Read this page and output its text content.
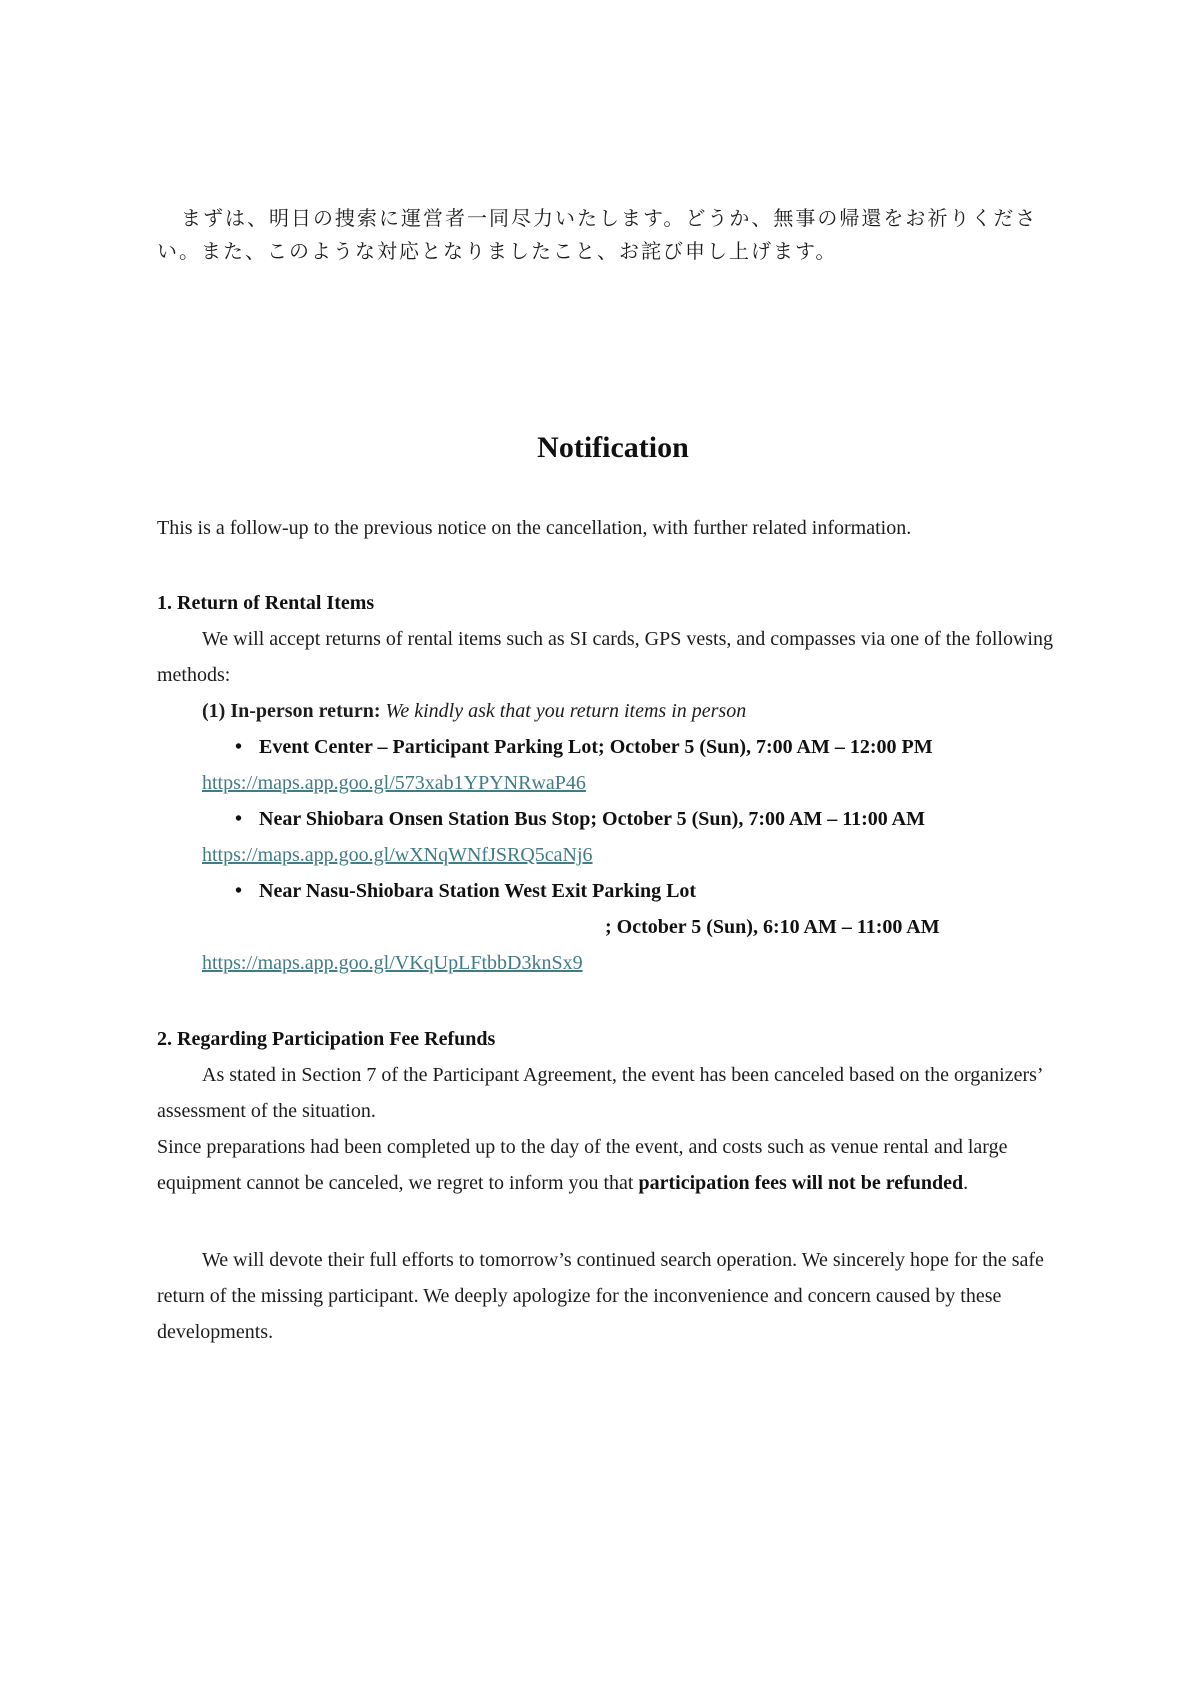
まずは、明日の捜索に運営者一同尽力いたします。どうか、無事の帰還をお祈りくださ
い。また、このような対応となりましたこと、お詫び申し上げます。
Notification

This is a follow-up to the previous notice on the cancellation, with further related information.

1. Return of Rental Items

We will accept returns of rental items such as SI cards, GPS vests, and compasses via one of the following methods:

(1) In-person return: We kindly ask that you return items in person

• Event Center – Participant Parking Lot; October 5 (Sun), 7:00 AM – 12:00 PM
https://maps.app.goo.gl/573xab1YPYNRwaP46
• Near Shiobara Onsen Station Bus Stop; October 5 (Sun), 7:00 AM – 11:00 AM
https://maps.app.goo.gl/wXNqWNfJSRQ5caNj6
• Near Nasu-Shiobara Station West Exit Parking Lot
; October 5 (Sun), 6:10 AM – 11:00 AM
https://maps.app.goo.gl/VKqUpLFtbbD3knSx9
2. Regarding Participation Fee Refunds

As stated in Section 7 of the Participant Agreement, the event has been canceled based on the organizers’ assessment of the situation.

Since preparations had been completed up to the day of the event, and costs such as venue rental and large equipment cannot be canceled, we regret to inform you that participation fees will not be refunded.

We will devote their full efforts to tomorrow’s continued search operation. We sincerely hope for the safe return of the missing participant. We deeply apologize for the inconvenience and concern caused by these developments.
